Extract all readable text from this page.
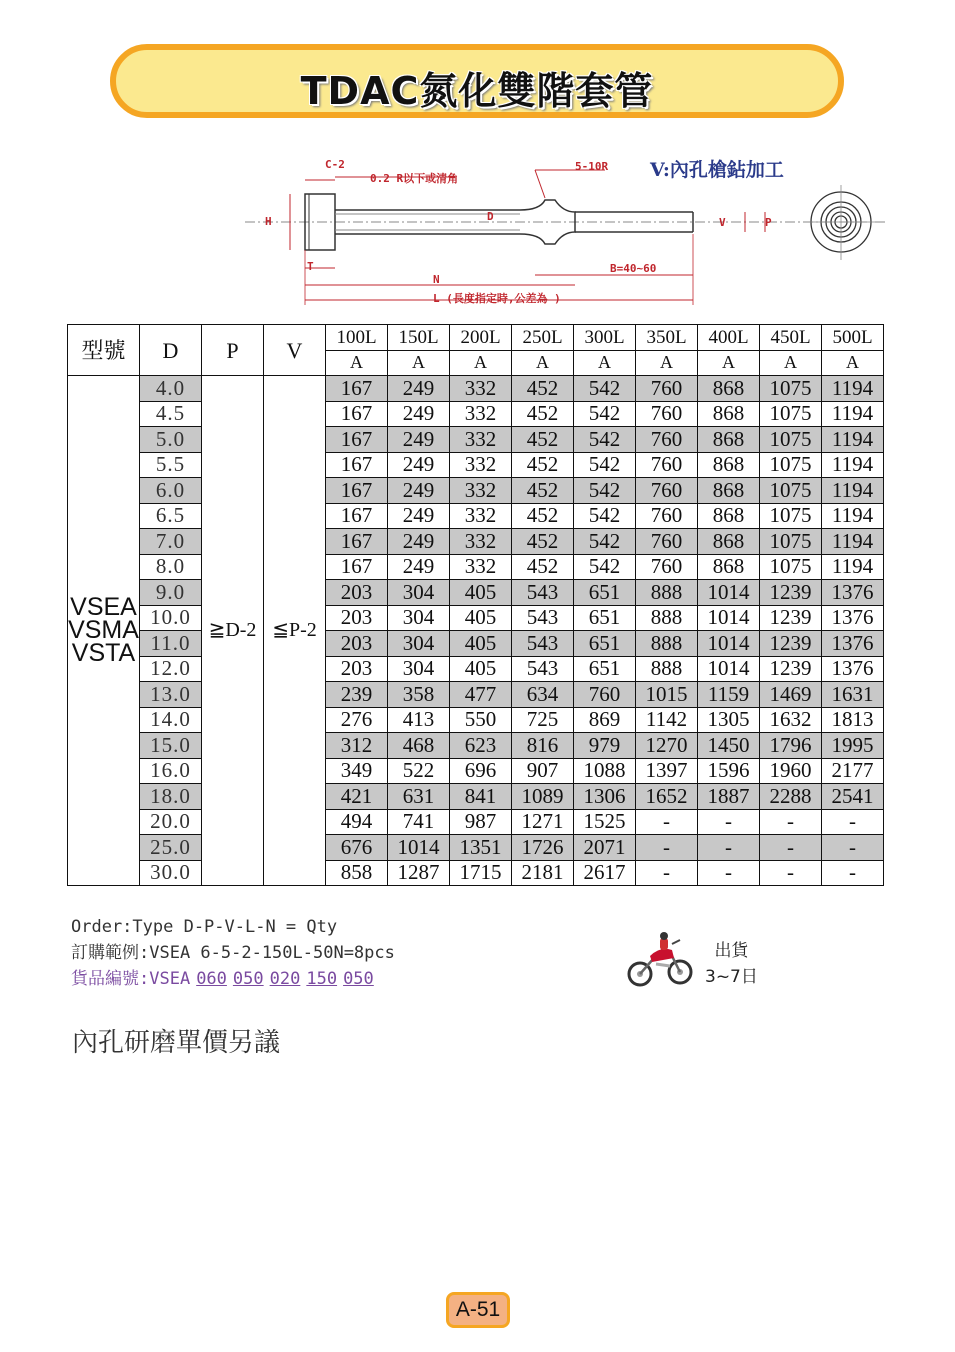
TDAC氮化雙階套管
C-2
0.2 R以下或清角
5-10R
H	D
T
V	P
B=40~60
N
L (長度指定時,公差為 )
V:內孔槍鉆加工
型號	D	P	V	100L	150L	200L	250L	300L	350L	400L	450L	500L
				A	A	A	A	A	A	A	A	A

VSEA
VSMA
VSTA	4.0	≧D-2	≦P-2	167	249	332	452	542	760	868	1075	1194
	4.5			167	249	332	452	542	760	868	1075	1194
	5.0			167	249	332	452	542	760	868	1075	1194
	5.5			167	249	332	452	542	760	868	1075	1194
	6.0			167	249	332	452	542	760	868	1075	1194
	6.5			167	249	332	452	542	760	868	1075	1194
	7.0			167	249	332	452	542	760	868	1075	1194
	8.0			167	249	332	452	542	760	868	1075	1194
	9.0			203	304	405	543	651	888	1014	1239	1376
	10.0			203	304	405	543	651	888	1014	1239	1376
	11.0			203	304	405	543	651	888	1014	1239	1376
	12.0			203	304	405	543	651	888	1014	1239	1376
	13.0			239	358	477	634	760	1015	1159	1469	1631
	14.0			276	413	550	725	869	1142	1305	1632	1813
	15.0			312	468	623	816	979	1270	1450	1796	1995
	16.0			349	522	696	907	1088	1397	1596	1960	2177
	18.0			421	631	841	1089	1306	1652	1887	2288	2541
	20.0			494	741	987	1271	1525	-	-	-	-
	25.0			676	1014	1351	1726	2071	-	-	-	-
	30.0			858	1287	1715	2181	2617	-	-	-	-
Order:Type D-P-V-L-N = Qty
訂購範例:VSEA 6-5-2-150L-50N=8pcs
貨品編號:VSEA 060 050 020 150 050
出貨
3~7日
內孔研磨單價另議
A-51
